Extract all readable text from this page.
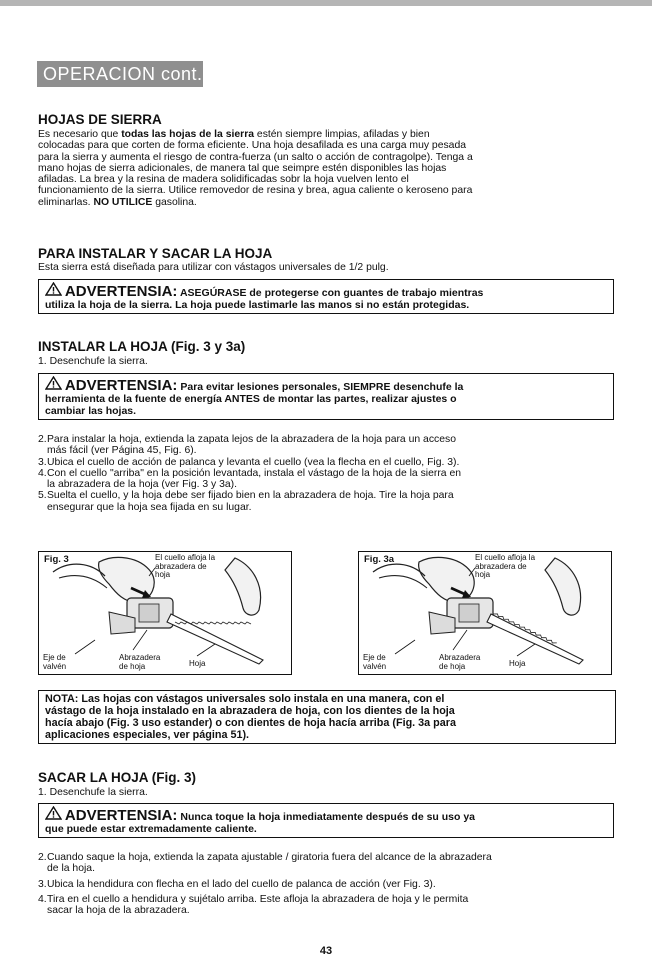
OPERACION cont.
HOJAS DE SIERRA
Es necesario que todas las hojas de la sierra estén siempre limpias, afiladas y bien
colocadas para que corten de forma eficiente. Una hoja desafilada es una carga muy pesada
para la sierra y aumenta el riesgo de contra-fuerza (un salto o acción de contragolpe). Tenga a
mano hojas de sierra adicionales, de manera tal que seimpre estén disponibles las hojas
afiladas. La brea y la resina de madera solidificadas sobr la hoja vuelven lento el
funcionamiento de la sierra. Utilice removedor de resina y brea, agua caliente o keroseno para
eliminarlas. NO UTILICE gasolina.
PARA INSTALAR Y SACAR LA HOJA
Esta sierra está diseñada para utilizar con vástagos universales de 1/2 pulg.
ADVERTENSIA: ASEGÚRASE de protegerse con guantes de trabajo mientras
utiliza la hoja de la sierra. La hoja puede lastimarle las manos si no están protegidas.
INSTALAR LA HOJA (Fig. 3 y 3a)
1. Desenchufe la sierra.
ADVERTENSIA: Para evitar lesiones personales, SIEMPRE desenchufe la
herramienta de la fuente de energía ANTES de montar las partes, realizar ajustes o
cambiar las hojas.
2. Para instalar la hoja, extienda la zapata lejos de la abrazadera de la hoja para un acceso
más fácil (ver Página 45, Fig. 6).
3. Ubica el cuello de acción de palanca y levanta el cuello (vea la flecha en el cuello, Fig. 3).
4. Con el cuello "arriba" en la posición levantada, instala el vástago de la hoja de la sierra en
la abrazadera de la hoja (ver Fig. 3 y 3a).
5. Suelta el cuello, y la hoja debe ser fijado bien en la abrazadera de hoja. Tire la hoja para
ensegurar que la hoja sea fijada en su lugar.
Fig. 3	El cuello afloja la
abrazadera de
hoja
Eje de
valvén
Abrazadera
de hoja	Hoja
Fig. 3a	El cuello afloja la
abrazadera de
hoja
Eje de
valvén
Abrazadera
de hoja	Hoja
NOTA: Las hojas con vástagos universales solo instala en una manera, con el
vástago de la hoja instalado en la abrazadera de hoja, con los dientes de la hoja
hacía abajo (Fig. 3 uso estander) o con dientes de hoja hacía arriba (Fig. 3a para
aplicaciones especiales, ver página 51).
SACAR LA HOJA (Fig. 3)
1. Desenchufe la sierra.
ADVERTENSIA: Nunca toque la hoja inmediatamente después de su uso ya
que puede estar extremadamente caliente.
2. Cuando saque la hoja, extienda la zapata ajustable / giratoria fuera del alcance de la abrazadera
de la hoja.
3. Ubica la hendidura con flecha en el lado del cuello de palanca de acción (ver Fig. 3).
4. Tira en el cuello a hendidura y sujétalo arriba. Este afloja la abrazadera de hoja y le permita
sacar la hoja de la abrazadera.
43
